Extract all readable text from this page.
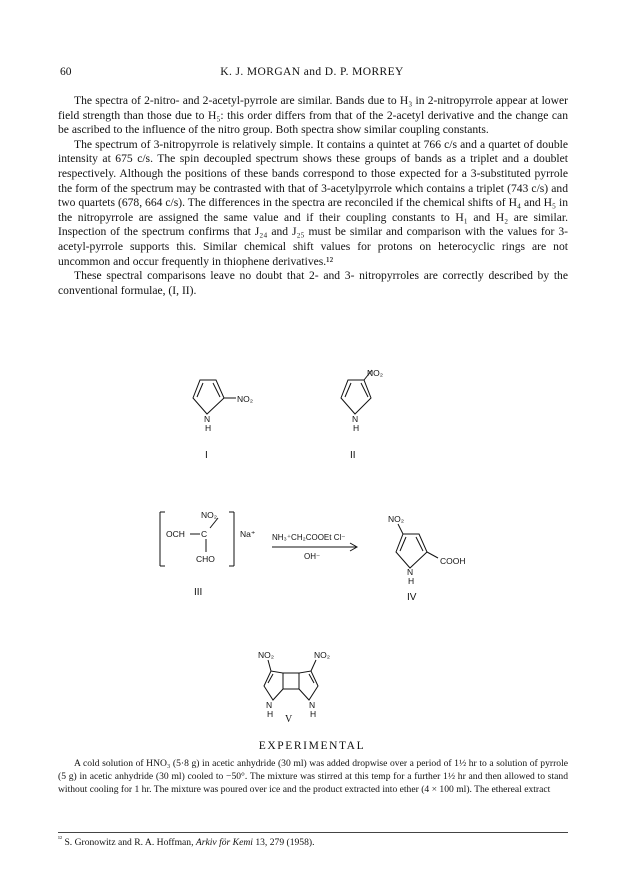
60	K. J. MORGAN and D. P. MORREY

The spectra of 2-nitro- and 2-acetyl-pyrrole are similar. Bands due to H₃ in 2-nitropyrrole appear at lower field strength than those due to H₅: this order differs from that of the 2-acetyl derivative and the change can be ascribed to the influence of the nitro group. Both spectra show similar coupling constants.

The spectrum of 3-nitropyrrole is relatively simple. It contains a quintet at 766 c/s and a quartet of double intensity at 675 c/s. The spin decoupled spectrum shows these groups of bands as a triplet and a doublet respectively. Although the positions of these bands correspond to those expected for a 3-substituted pyrrole the form of the spectrum may be contrasted with that of 3-acetylpyrrole which contains a triplet (743 c/s) and two quartets (678, 664 c/s). The differences in the spectra are reconciled if the chemical shifts of H₄ and H₅ in the nitropyrrole are assigned the same value and if their coupling constants to H₁ and H₂ are similar. Inspection of the spectrum confirms that J₂₄ and J₂₅ must be similar and comparison with the values for 3-acetyl-pyrrole supports this. Similar chemical shift values for protons on heterocyclic rings are not uncommon and occur frequently in thiophene derivatives.¹²

These spectral comparisons leave no doubt that 2- and 3- nitropyrroles are correctly described by the conventional formulae, (I, II).

NO₂
N
H
I
NO₂
N
H
II
NO₂
OCH C
CHO
Na⁺
III
NH₃⁺CH₂COOEt Cl⁻
OH⁻
NO₂
COOH
N
H
IV
NO₂	NO₂
N
H
N
H
V
EXPERIMENTAL

A cold solution of HNO₃ (5·8 g) in acetic anhydride (30 ml) was added dropwise over a period of 1½ hr to a solution of pyrrole (5 g) in acetic anhydride (30 ml) cooled to −50°. The mixture was stirred at this temp for a further 1½ hr and then allowed to stand without cooling for 1 hr. The mixture was poured over ice and the product extracted into ether (4 × 100 ml). The ethereal extract

$^{^{12}}$ S. Gronowitz and R. A. Hoffman, Arkiv för Kemi 13, 279 (1958).
